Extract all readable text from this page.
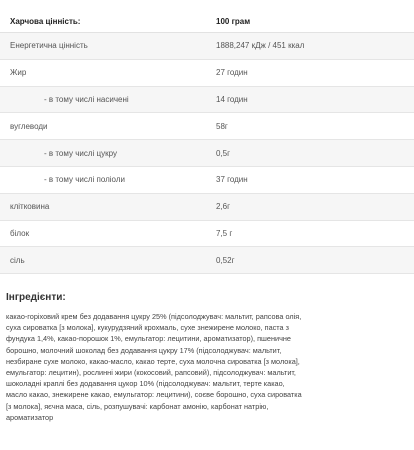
Харчова цінність:	100 грам
Енергетична цінність	1888,247 кДж / 451 ккал
Жир	27 годин
- в тому числі насичені	14 годин
вуглеводи	58г
- в тому числі цукру	0,5г
- в тому числі поліоли	37 годин
клітковина	2,6г
білок	7,5 г
сіль	0,52г
Інгредієнти:
какао-горіховий крем без додавання цукру 25% (підсолоджувач: мальтит, рапсова олія,
суха сироватка [з молока], кукурудзяний крохмаль, сухе знежирене молоко, паста з
фундука 1,4%, какао-порошок 1%, емульгатор: лецитини, ароматизатор), пшеничне
борошно, молочний шоколад без додавання цукру 17% (підсолоджувач: мальтит,
незбиране сухе молоко, какао-масло, какао терте, суха молочна сироватка [з молока],
емульгатор: лецитин), рослинні жири (кокосовий, рапсовий), підсолоджувач: мальтит,
шоколадні краплі без додавання цукор 10% (підсолоджувач: мальтит, терте какао,
масло какао, знежирене какао, емульгатор: лецитини), соєве борошно, суха сироватка
[з молока], яєчна маса, сіль, розпушувачі: карбонат амонію, карбонат натрію,
ароматизатор
